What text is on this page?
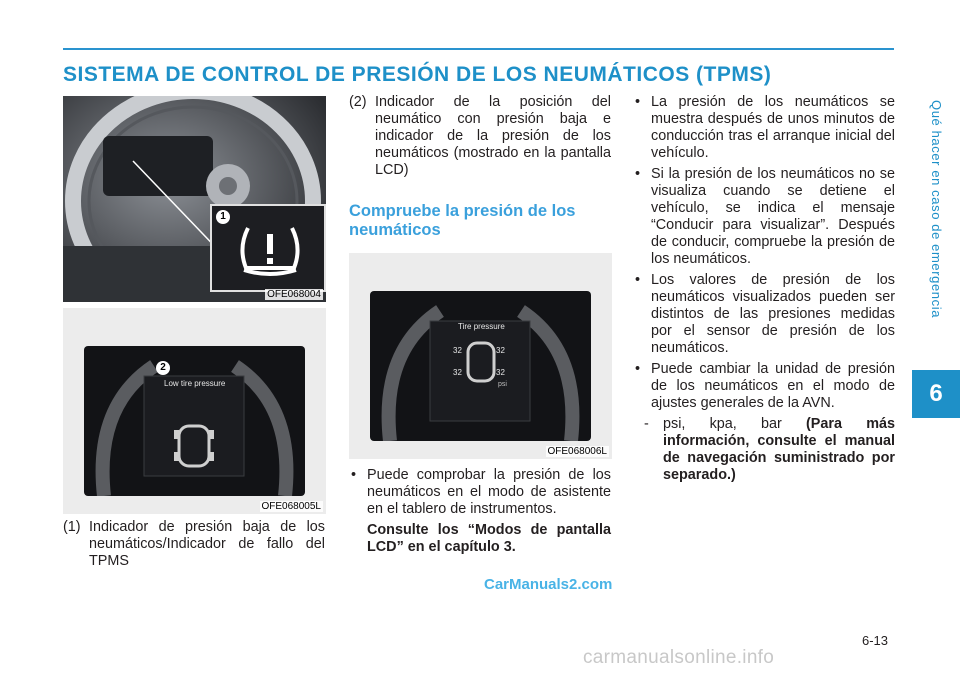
SISTEMA DE CONTROL DE PRESIÓN DE LOS NEUMÁTICOS (TPMS)
Qué hacer en caso de emergencia
6
1
OFE068004
2
Low tire pressure
OFE068005L
(1) Indicador de presión baja de los neumáticos/Indicador de fallo del TPMS
(2) Indicador de la posición del neumático con presión baja e indicador de la presión de los neumáticos (mostrado en la pantalla LCD)
Compruebe la presión de los neumáticos
Tire pressure
32	32
32	32
psi
OFE068006L
• Puede comprobar la presión de los neumáticos en el modo de asistente en el tablero de instrumentos.
Consulte los “Modos de pantalla LCD” en el capítulo 3.
• La presión de los neumáticos se muestra después de unos minutos de conducción tras el arranque inicial del vehículo.
• Si la presión de los neumáticos no se visualiza cuando se detiene el vehículo, se indica el mensaje “Conducir para visualizar”. Después de conducir, compruebe la presión de los neumáticos.
• Los valores de presión de los neumáticos visualizados pueden ser distintos de las presiones medidas por el sensor de presión de los neumáticos.
• Puede cambiar la unidad de presión de los neumáticos en el modo de ajustes generales de la AVN.
- psi, kpa, bar (Para más información, consulte el manual de navegación suministrado por separado.)
CarManuals2.com
6-13
carmanualsonline.info
